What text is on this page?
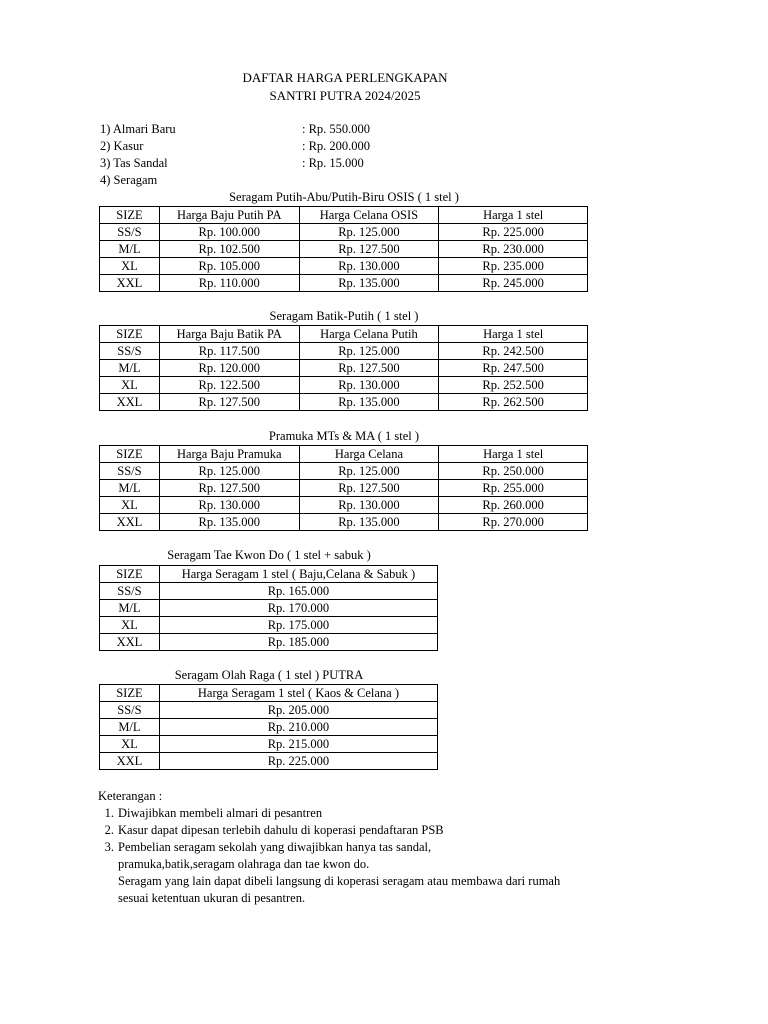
DAFTAR HARGA PERLENGKAPAN
SANTRI PUTRA 2024/2025
1) Almari Baru	: Rp. 550.000
2) Kasur	: Rp. 200.000
3) Tas Sandal	: Rp. 15.000
4) Seragam
Seragam Putih-Abu/Putih-Biru OSIS ( 1 stel )
SIZE	Harga Baju Putih PA	Harga Celana OSIS	Harga 1 stel
SS/S	Rp. 100.000	Rp. 125.000	Rp. 225.000
M/L	Rp. 102.500	Rp. 127.500	Rp. 230.000
XL	Rp. 105.000	Rp. 130.000	Rp. 235.000
XXL	Rp. 110.000	Rp. 135.000	Rp. 245.000
Seragam Batik-Putih ( 1 stel )
SIZE	Harga Baju Batik PA	Harga Celana Putih	Harga 1 stel
SS/S	Rp. 117.500	Rp. 125.000	Rp. 242.500
M/L	Rp. 120.000	Rp. 127.500	Rp. 247.500
XL	Rp. 122.500	Rp. 130.000	Rp. 252.500
XXL	Rp. 127.500	Rp. 135.000	Rp. 262.500
Pramuka MTs & MA ( 1 stel )
SIZE	Harga Baju Pramuka	Harga Celana	Harga 1 stel
SS/S	Rp. 125.000	Rp. 125.000	Rp. 250.000
M/L	Rp. 127.500	Rp. 127.500	Rp. 255.000
XL	Rp. 130.000	Rp. 130.000	Rp. 260.000
XXL	Rp. 135.000	Rp. 135.000	Rp. 270.000
Seragam Tae Kwon Do ( 1 stel + sabuk )
SIZE	Harga Seragam 1 stel ( Baju,Celana & Sabuk )
SS/S	Rp. 165.000
M/L	Rp. 170.000
XL	Rp. 175.000
XXL	Rp. 185.000
Seragam Olah Raga ( 1 stel ) PUTRA
SIZE	Harga Seragam 1 stel ( Kaos & Celana )
SS/S	Rp. 205.000
M/L	Rp. 210.000
XL	Rp. 215.000
XXL	Rp. 225.000
Keterangan :
1. Diwajibkan membeli almari di pesantren
2. Kasur dapat dipesan terlebih dahulu di koperasi pendaftaran PSB
3. Pembelian seragam sekolah yang diwajibkan hanya tas sandal,
pramuka,batik,seragam olahraga dan tae kwon do.
Seragam yang lain dapat dibeli langsung di koperasi seragam atau membawa dari rumah
sesuai ketentuan ukuran di pesantren.
